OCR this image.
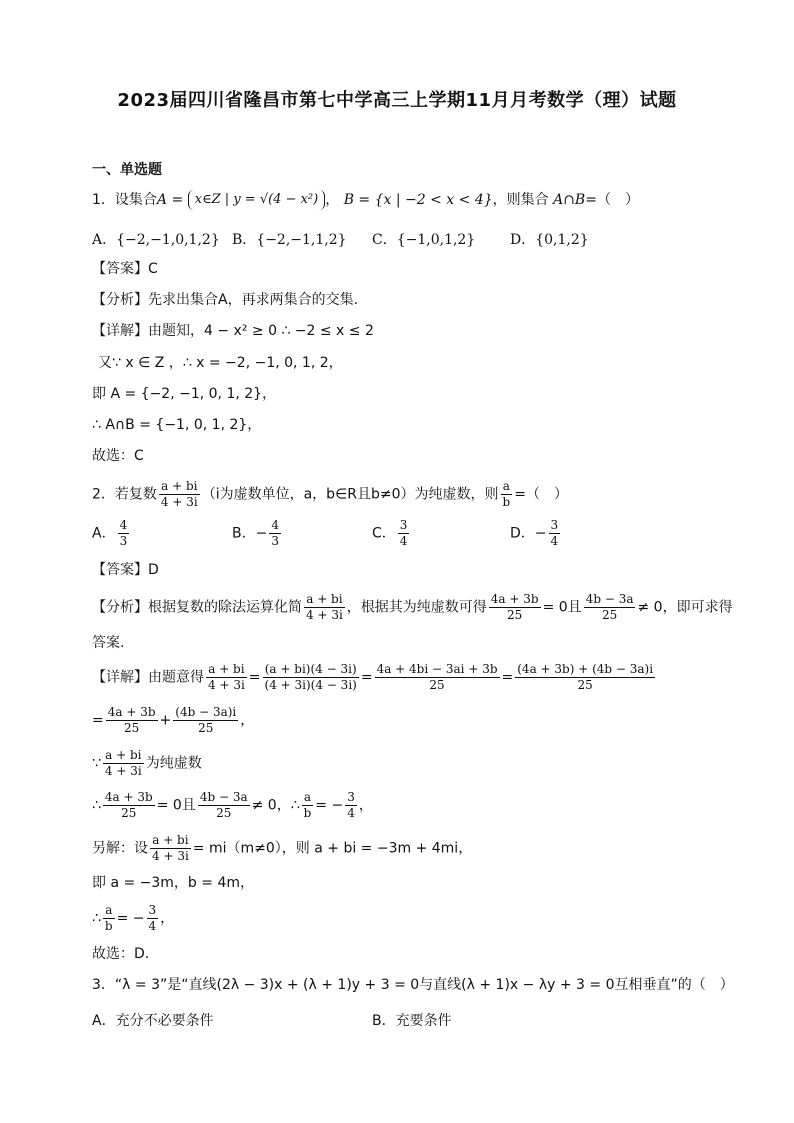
2023届四川省隆昌市第七中学高三上学期11月月考数学（理）试题
一、单选题
1．设集合A = x∈Z | y = √(4 − x²) ， B = {x | −2 < x < 4}，则集合 A∩B=（　）
A．{−2,−1,0,1,2} B．{−2,−1,1,2} C．{−1,0,1,2} D．{0,1,2}
【答案】C
【分析】先求出集合A，再求两集合的交集.
【详解】由题知，4 − x² ≥ 0 ∴ −2 ≤ x ≤ 2
又∵ x ∈ Z ，∴ x = −2, −1, 0, 1, 2，
即 A = {−2, −1, 0, 1, 2}，
∴ A∩B = {−1, 0, 1, 2}，
故选：C
2．若复数 $\frac{a + bi}{4 + 3i} (i$为虚数单位，a，b∈R且b≠0）为纯虚数，则 $\frac{a}{b}$ =（　）
A． $\frac{4}{3}$	B．− $\frac{4}{3}$	C． $\frac{3}{4}$	D．− $\frac{3}{4}$
【答案】D
【分析】根据复数的除法运算化简 $\frac{a + bi}{4 + 3i}$ ，根据其为纯虚数可得 $\frac{4a + 3b}{25} = 0$且 $\frac{4b - 3a}{25} \ne 0$，即可求得
答案.
【详解】由题意得 $\frac{a + bi}{4 + 3i} = \frac{(a + bi)(4 - 3i)}{(4 + 3i)(4 - 3i)} = \frac{4a + 4bi - 3ai + 3b}{25} = \frac{(4a + 3b) + (4b - 3a)i}{25}$
= $\frac{4a + 3b}{25} + \frac{(4b - 3a)i}{25}$ ，
∵ $\frac{a + bi}{4 + 3i}$ 为纯虚数
∴ $\frac{4a + 3b}{25} = 0$且 $\frac{4b - 3a}{25} \ne 0$，∴ $\frac{a}{b}$ = − $\frac{3}{4}$ ，
另解：设 $\frac{a + bi}{4 + 3i} = mi(m\ne 0)$，则 a + bi = −3m + 4mi，
即 a = −3m，b = 4m，
∴ $\frac{a}{b}$ = − $\frac{3}{4}$ ，
故选：D.
3．“λ = 3”是“直线(2λ − 3)x + (λ + 1)y + 3 = 0与直线(λ + 1)x − λy + 3 = 0互相垂直”的（　）
A．充分不必要条件	B．充要条件
